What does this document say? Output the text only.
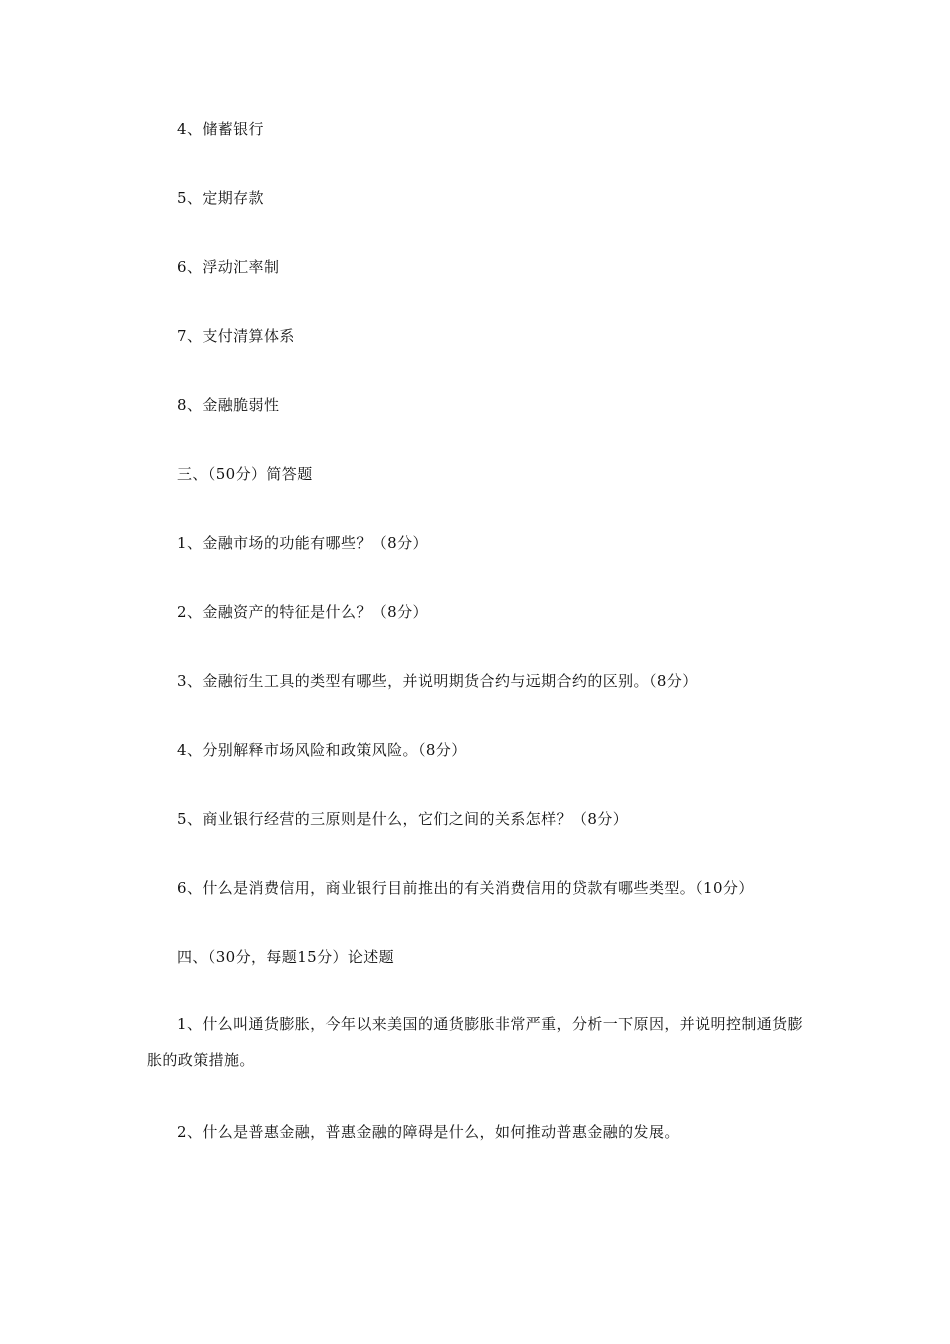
4、储蓄银行
5、定期存款
6、浮动汇率制
7、支付清算体系
8、金融脆弱性
三、（50分）简答题
1、金融市场的功能有哪些？（8分）
2、金融资产的特征是什么？（8分）
3、金融衍生工具的类型有哪些，并说明期货合约与远期合约的区别。（8分）
4、分别解释市场风险和政策风险。（8分）
5、商业银行经营的三原则是什么，它们之间的关系怎样？（8分）
6、什么是消费信用，商业银行目前推出的有关消费信用的贷款有哪些类型。（10分）
四、（30分，每题15分）论述题
1、什么叫通货膨胀，今年以来美国的通货膨胀非常严重，分析一下原因，并说明控制通货膨胀的政策措施。
2、什么是普惠金融，普惠金融的障碍是什么，如何推动普惠金融的发展。
